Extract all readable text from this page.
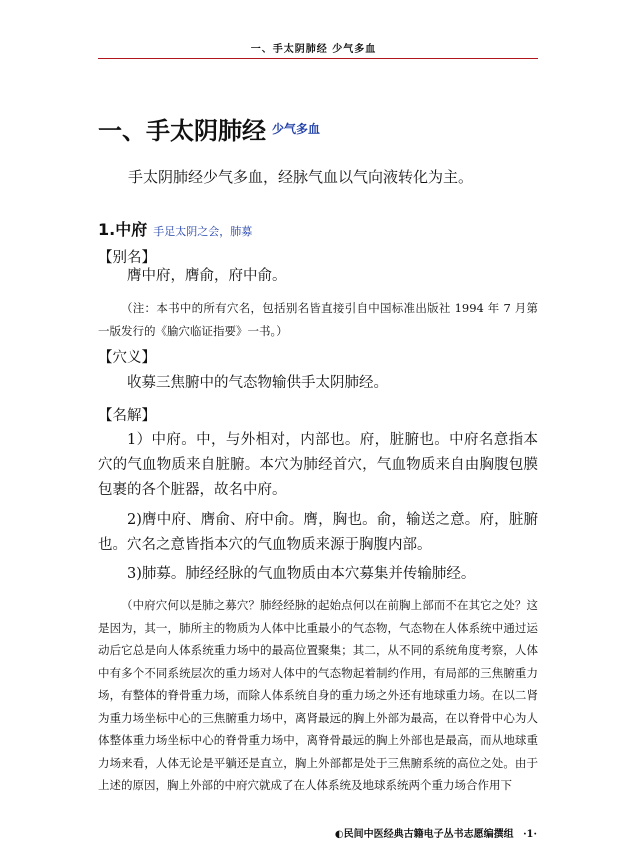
一、手太阴肺经 少气多血
一、手太阴肺经 少气多血
手太阴肺经少气多血，经脉气血以气向液转化为主。
1.中府 手足太阴之会，肺募
【别名】
膺中府，膺俞，府中俞。
（注：本书中的所有穴名，包括别名皆直接引自中国标准出版社 1994 年 7 月第一版发行的《腧穴临证指要》一书。）
【穴义】
收募三焦腑中的气态物输供手太阴肺经。
【名解】
1）中府。中，与外相对，内部也。府，脏腑也。中府名意指本穴的气血物质来自脏腑。本穴为肺经首穴，气血物质来自由胸腹包膜包裹的各个脏器，故名中府。
2)膺中府、膺俞、府中俞。膺，胸也。俞，输送之意。府，脏腑也。穴名之意皆指本穴的气血物质来源于胸腹内部。
3)肺募。肺经经脉的气血物质由本穴募集并传输肺经。
（中府穴何以是肺之募穴？肺经经脉的起始点何以在前胸上部而不在其它之处？这是因为，其一，肺所主的物质为人体中比重最小的气态物，气态物在人体系统中通过运动后它总是向人体系统重力场中的最高位置聚集；其二，从不同的系统角度考察，人体中有多个不同系统层次的重力场对人体中的气态物起着制约作用，有局部的三焦腑重力场，有整体的脊骨重力场，而除人体系统自身的重力场之外还有地球重力场。在以二肾为重力场坐标中心的三焦腑重力场中，离肾最远的胸上外部为最高，在以脊骨中心为人体整体重力场坐标中心的脊骨重力场中，离脊骨最远的胸上外部也是最高，而从地球重力场来看，人体无论是平躺还是直立，胸上外部都是处于三焦腑系统的高位之处。由于上述的原因，胸上外部的中府穴就成了在人体系统及地球系统两个重力场合作用下
◐民间中医经典古籍电子丛书志愿编撰组 ·1·
